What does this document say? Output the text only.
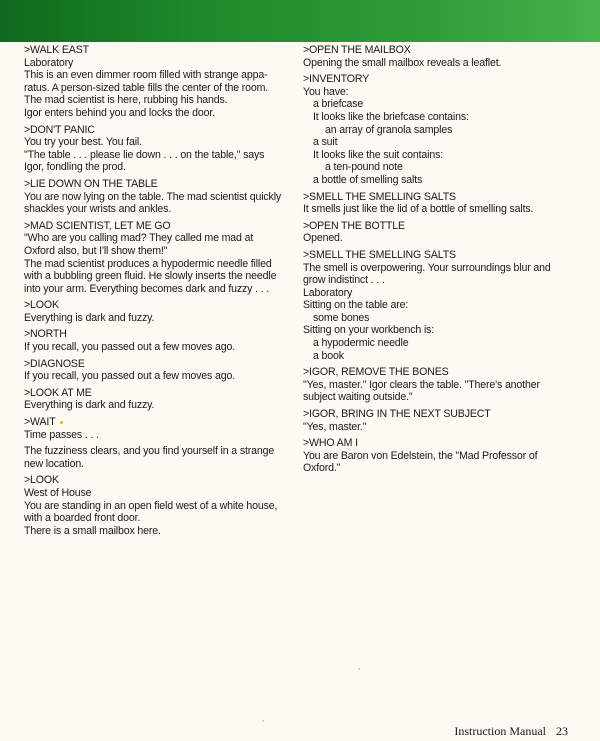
>WALK EAST
Laboratory
This is an even dimmer room filled with strange appa-
ratus. A person-sized table fills the center of the room.
The mad scientist is here, rubbing his hands.
Igor enters behind you and locks the door.
>DON'T PANIC
You try your best. You fail.
"The table . . . please lie down . . . on the table," says
Igor, fondling the prod.
>LIE DOWN ON THE TABLE
You are now lying on the table. The mad scientist quickly
shackles your wrists and ankles.
>MAD SCIENTIST, LET ME GO
"Who are you calling mad? They called me mad at
Oxford also, but I'll show them!"
The mad scientist produces a hypodermic needle filled
with a bubbling green fluid. He slowly inserts the needle
into your arm. Everything becomes dark and fuzzy . . .
>LOOK
Everything is dark and fuzzy.
>NORTH
If you recall, you passed out a few moves ago.
>DIAGNOSE
If you recall, you passed out a few moves ago.
>LOOK AT ME
Everything is dark and fuzzy.
>WAIT
Time passes . . .
The fuzziness clears, and you find yourself in a strange
new location.
>LOOK
West of House
You are standing in an open field west of a white house,
with a boarded front door.
There is a small mailbox here.
>OPEN THE MAILBOX
Opening the small mailbox reveals a leaflet.
>INVENTORY
You have:
a briefcase
It looks like the briefcase contains:
an array of granola samples
a suit
It looks like the suit contains:
a ten-pound note
a bottle of smelling salts
>SMELL THE SMELLING SALTS
It smells just like the lid of a bottle of smelling salts.
>OPEN THE BOTTLE
Opened.
>SMELL THE SMELLING SALTS
The smell is overpowering. Your surroundings blur and
grow indistinct . . .
Laboratory
Sitting on the table are:
some bones
Sitting on your workbench is:
a hypodermic needle
a book
>IGOR, REMOVE THE BONES
"Yes, master." Igor clears the table. "There's another
subject waiting outside."
>IGOR, BRING IN THE NEXT SUBJECT
"Yes, master."
>WHO AM I
You are Baron von Edelstein, the "Mad Professor of
Oxford."
Instruction Manual 23
